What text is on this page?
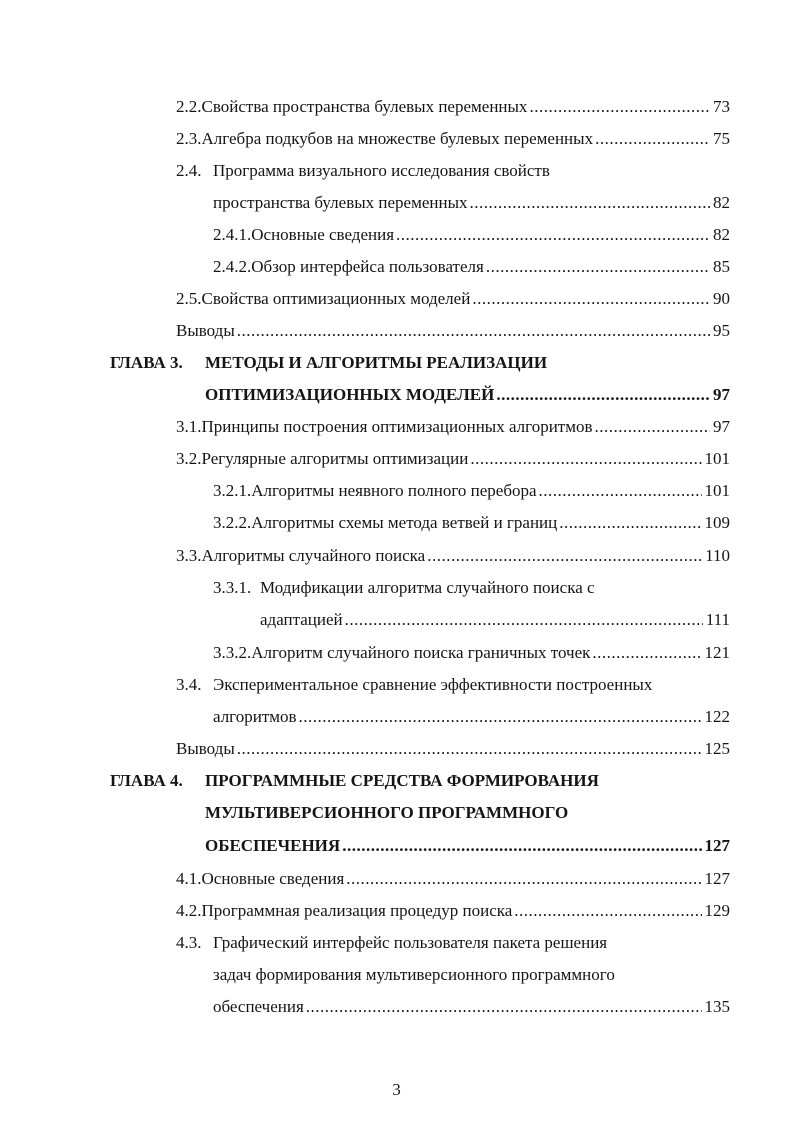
2.2. Свойства пространства булевых переменных .....	73
2.3. Алгебра подкубов на множестве булевых переменных .....	75
2.4. Программа визуального исследования свойств
пространства булевых переменных .....	82
2.4.1. Основные сведения .....	82
2.4.2. Обзор интерфейса пользователя .....	85
2.5. Свойства оптимизационных моделей .....	90
Выводы .....	95
ГЛАВА 3. МЕТОДЫ И АЛГОРИТМЫ РЕАЛИЗАЦИИ
ОПТИМИЗАЦИОННЫХ МОДЕЛЕЙ .....	97
3.1. Принципы построения оптимизационных алгоритмов .....	97
3.2. Регулярные алгоритмы оптимизации .....	101
3.2.1. Алгоритмы неявного полного перебора .....	101
3.2.2. Алгоритмы схемы метода ветвей и границ .....	109
3.3. Алгоритмы случайного поиска .....	110
3.3.1. Модификации алгоритма случайного поиска с
адаптацией .....	111
3.3.2. Алгоритм случайного поиска граничных точек .....	121
3.4. Экспериментальное сравнение эффективности построенных
алгоритмов .....	122
Выводы .....	125
ГЛАВА 4. ПРОГРАММНЫЕ СРЕДСТВА ФОРМИРОВАНИЯ
МУЛЬТИВЕРСИОННОГО ПРОГРАММНОГО
ОБЕСПЕЧЕНИЯ .....	127
4.1. Основные сведения .....	127
4.2. Программная реализация процедур поиска .....	129
4.3. Графический интерфейс пользователя пакета решения
задач формирования мультиверсионного программного
обеспечения .....	135
3
